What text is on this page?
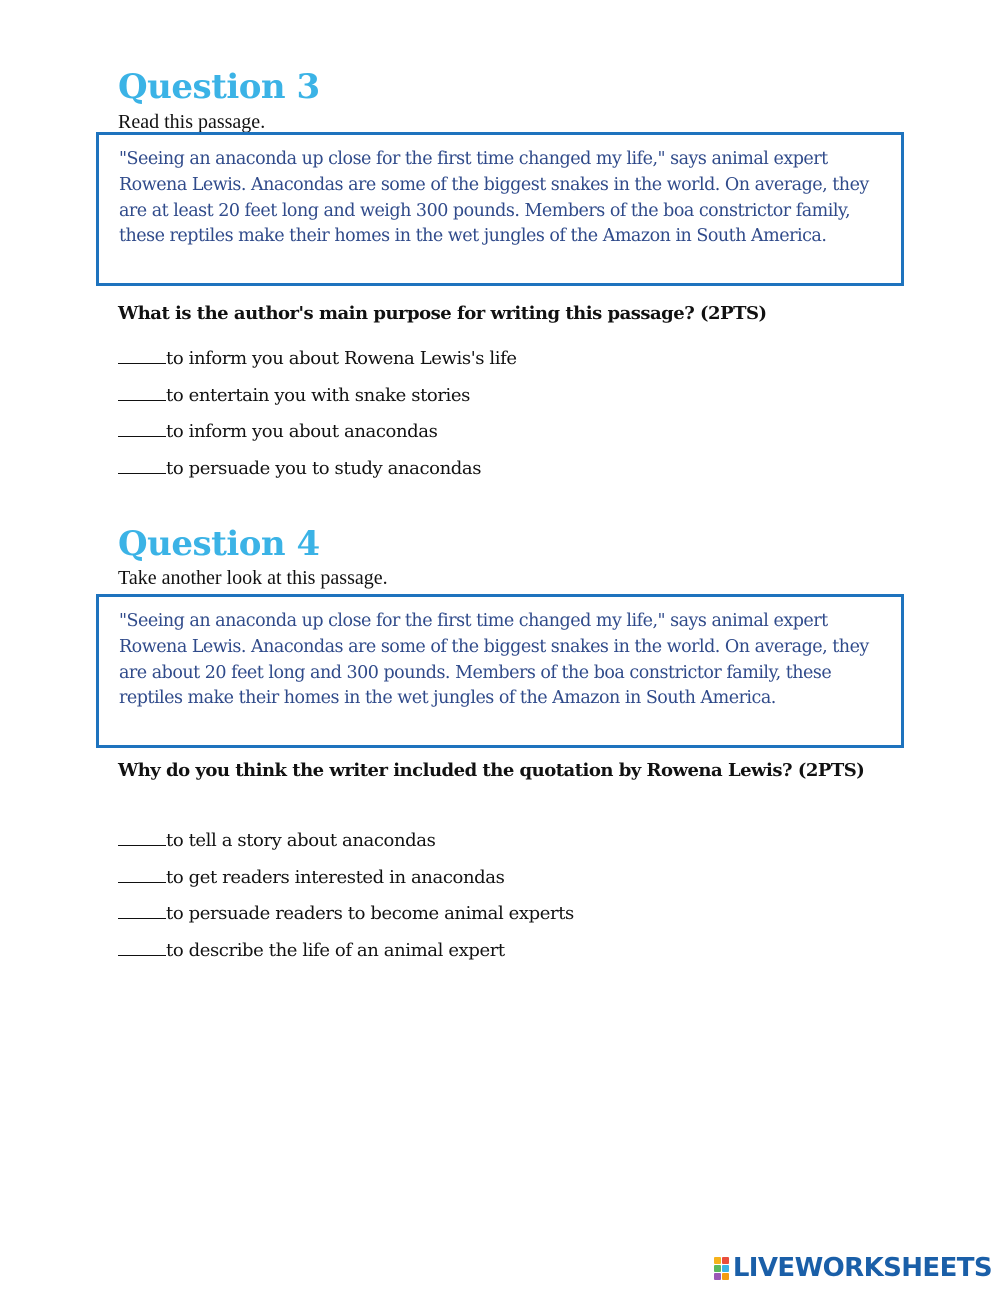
Question 3

Read this passage.

"Seeing an anaconda up close for the first time changed my life," says animal expert Rowena Lewis. Anacondas are some of the biggest snakes in the world. On average, they are at least 20 feet long and weigh 300 pounds. Members of the boa constrictor family, these reptiles make their homes in the wet jungles of the Amazon in South America.

What is the author's main purpose for writing this passage? (2PTS)

to inform you about Rowena Lewis's life
to entertain you with snake stories
to inform you about anacondas
to persuade you to study anacondas
Question 4

Take another look at this passage.

"Seeing an anaconda up close for the first time changed my life," says animal expert Rowena Lewis. Anacondas are some of the biggest snakes in the world. On average, they are about 20 feet long and 300 pounds. Members of the boa constrictor family, these reptiles make their homes in the wet jungles of the Amazon in South America.

Why do you think the writer included the quotation by Rowena Lewis? (2PTS)

to tell a story about anacondas
to get readers interested in anacondas
to persuade readers to become animal experts
to describe the life of an animal expert
LIVEWORKSHEETS
